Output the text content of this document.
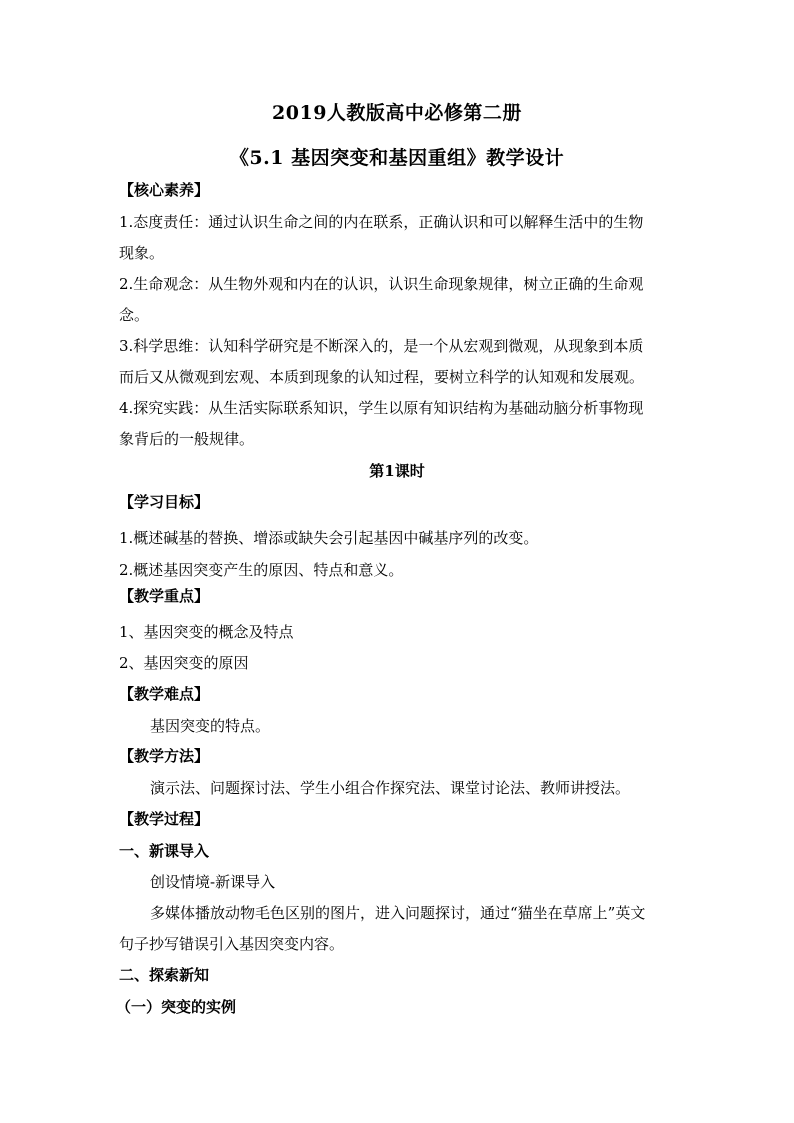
2019人教版高中必修第二册
《5.1 基因突变和基因重组》教学设计
【核心素养】
1.态度责任：通过认识生命之间的内在联系，正确认识和可以解释生活中的生物
现象。
2.生命观念：从生物外观和内在的认识，认识生命现象规律，树立正确的生命观
念。
3.科学思维：认知科学研究是不断深入的，是一个从宏观到微观，从现象到本质
而后又从微观到宏观、本质到现象的认知过程，要树立科学的认知观和发展观。
4.探究实践：从生活实际联系知识，学生以原有知识结构为基础动脑分析事物现
象背后的一般规律。
第1课时
【学习目标】
1.概述碱基的替换、增添或缺失会引起基因中碱基序列的改变。
2.概述基因突变产生的原因、特点和意义。
【教学重点】
1、基因突变的概念及特点
2、基因突变的原因
【教学难点】
基因突变的特点。
【教学方法】
演示法、问题探讨法、学生小组合作探究法、课堂讨论法、教师讲授法。
【教学过程】
一、新课导入
创设情境-新课导入
多媒体播放动物毛色区别的图片，进入问题探讨，通过“猫坐在草席上”英文
句子抄写错误引入基因突变内容。
二、探索新知
（一）突变的实例
